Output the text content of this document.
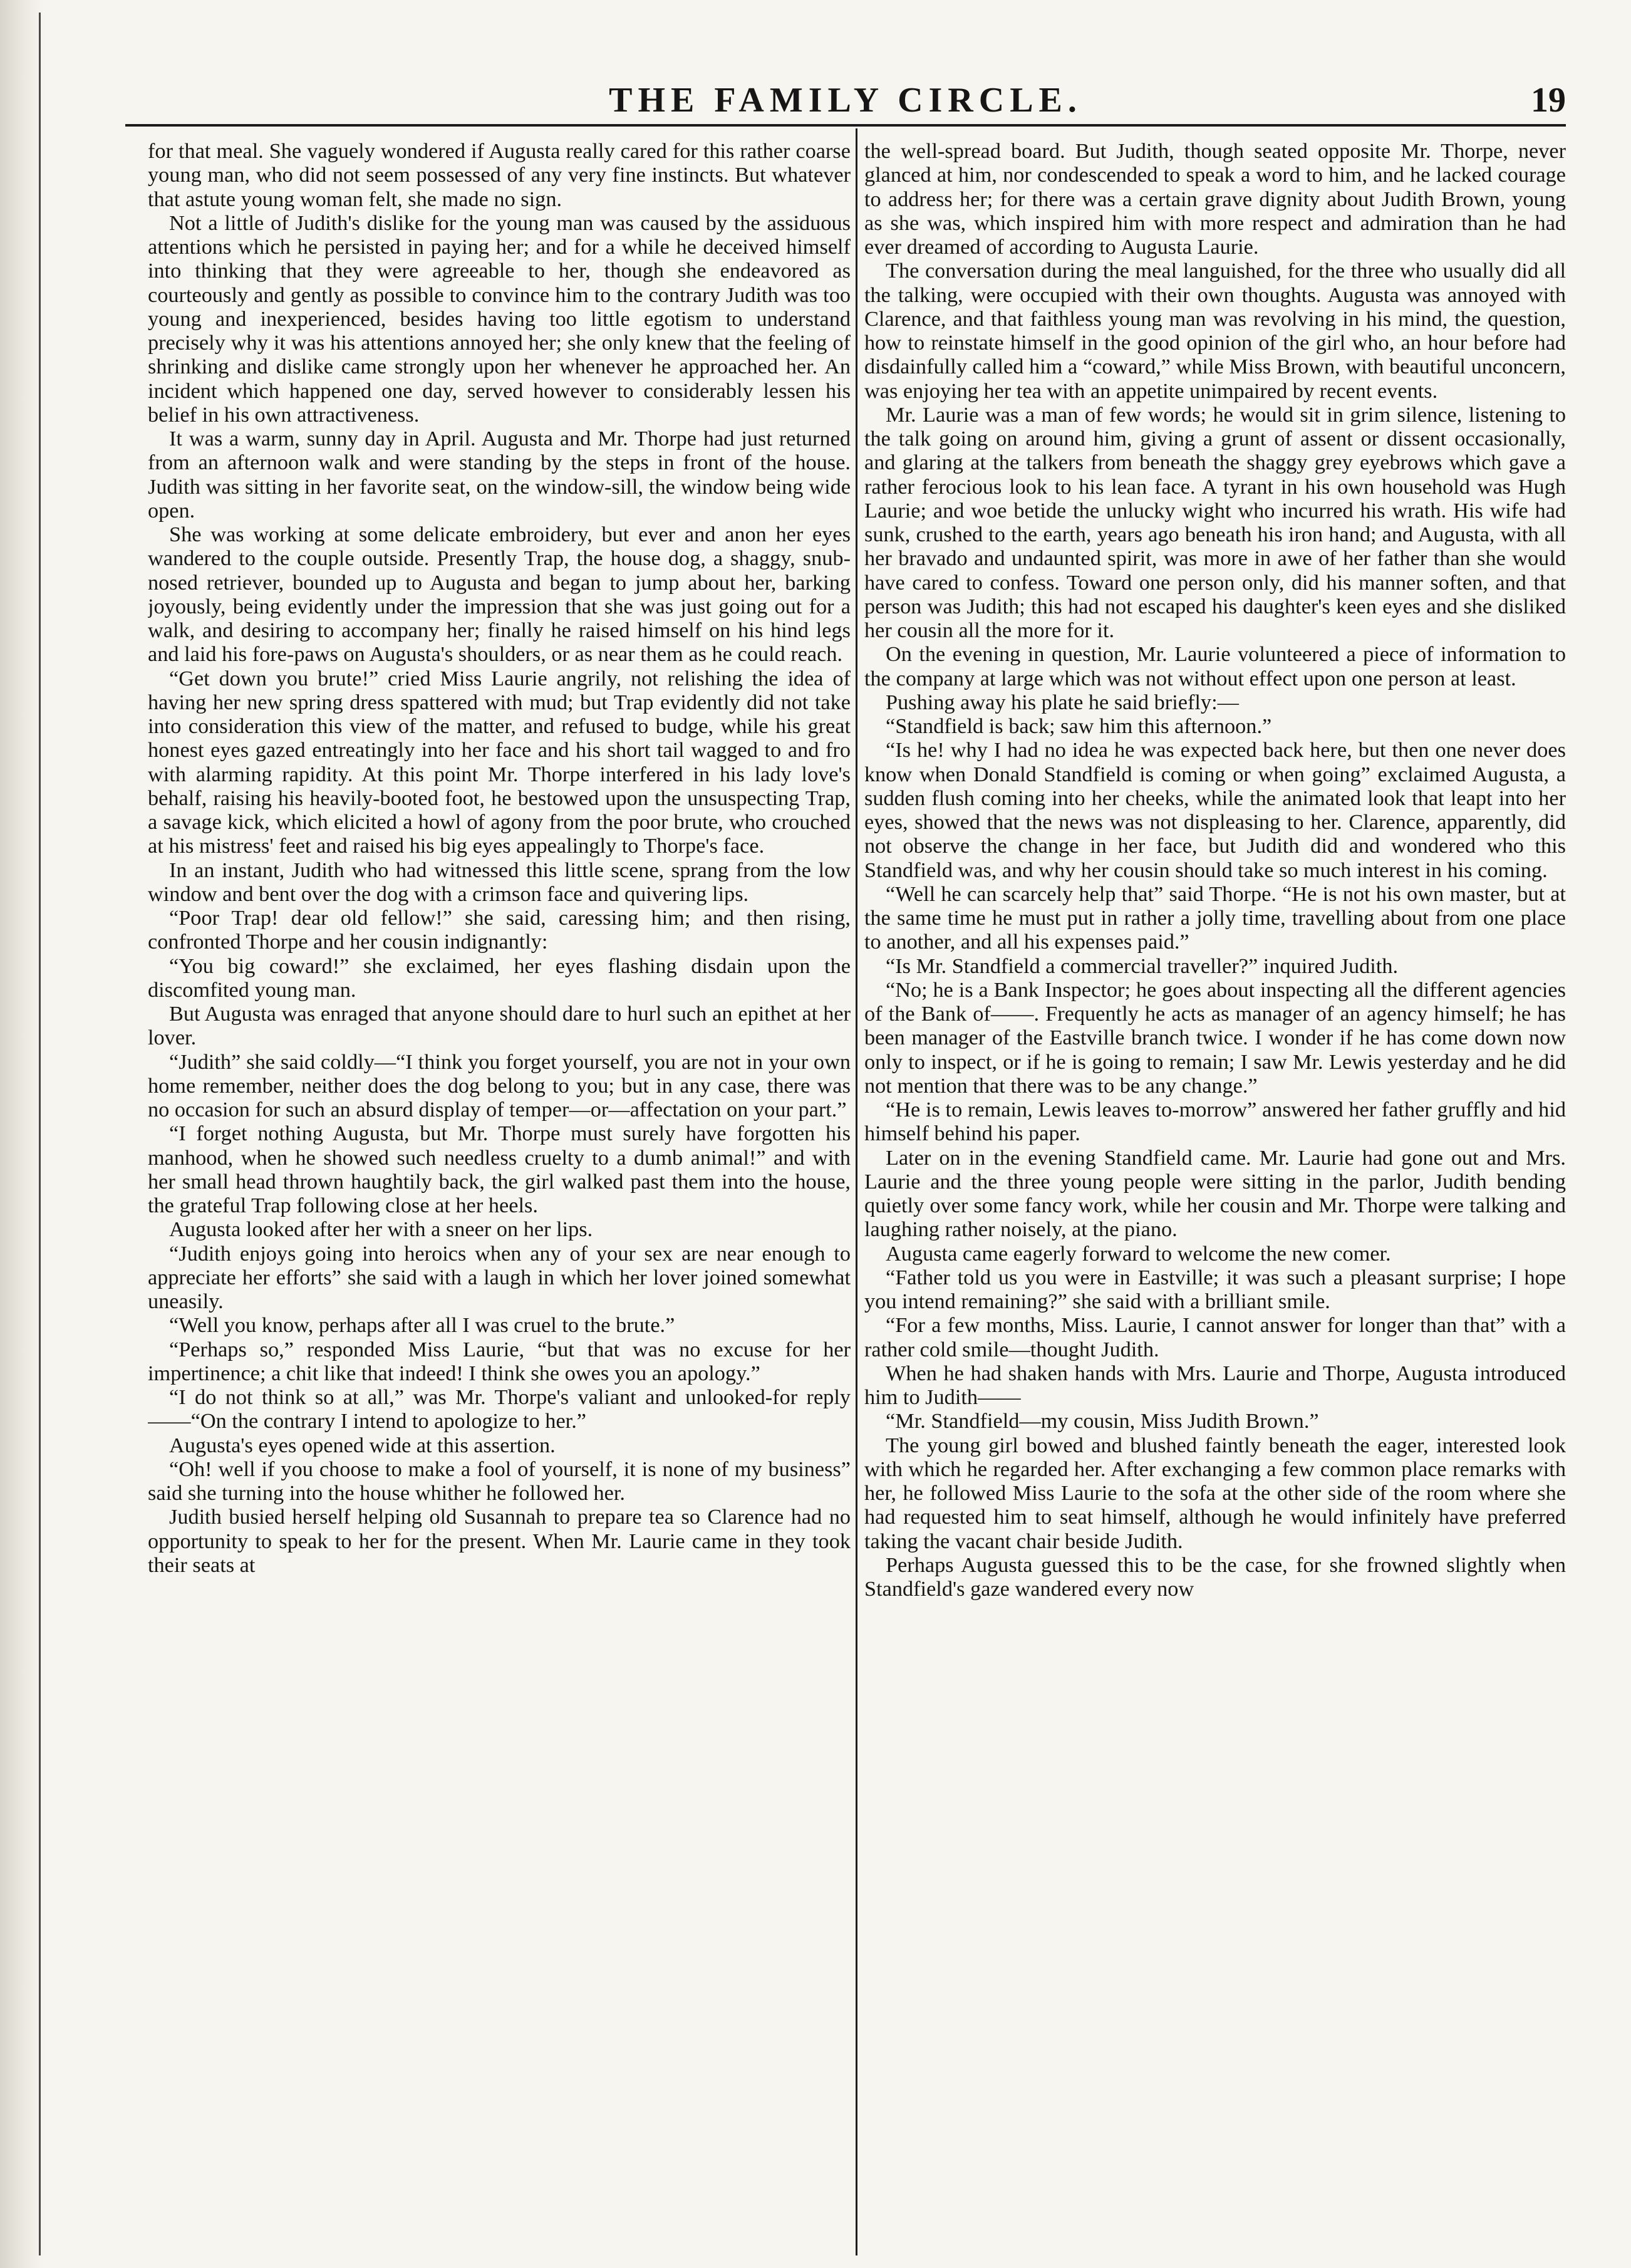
THE FAMILY CIRCLE.	19

for that meal. She vaguely wondered if Augusta really cared for this rather coarse young man, who did not seem possessed of any very fine instincts. But whatever that astute young woman felt, she made no sign.

Not a little of Judith's dislike for the young man was caused by the assiduous attentions which he persisted in paying her; and for a while he deceived himself into thinking that they were agreeable to her, though she endeavored as courteously and gently as possible to convince him to the contrary Judith was too young and inexperienced, besides having too little egotism to understand precisely why it was his attentions annoyed her; she only knew that the feeling of shrinking and dislike came strongly upon her whenever he approached her. An incident which happened one day, served however to considerably lessen his belief in his own attractiveness.

It was a warm, sunny day in April. Augusta and Mr. Thorpe had just returned from an afternoon walk and were standing by the steps in front of the house. Judith was sitting in her favorite seat, on the window-sill, the window being wide open.

She was working at some delicate embroidery, but ever and anon her eyes wandered to the couple outside. Presently Trap, the house dog, a shaggy, snub-nosed retriever, bounded up to Augusta and began to jump about her, barking joyously, being evidently under the impression that she was just going out for a walk, and desiring to accompany her; finally he raised himself on his hind legs and laid his fore-paws on Augusta's shoulders, or as near them as he could reach.

“Get down you brute!” cried Miss Laurie angrily, not relishing the idea of having her new spring dress spattered with mud; but Trap evidently did not take into consideration this view of the matter, and refused to budge, while his great honest eyes gazed entreatingly into her face and his short tail wagged to and fro with alarming rapidity. At this point Mr. Thorpe interfered in his lady love's behalf, raising his heavily-booted foot, he bestowed upon the unsuspecting Trap, a savage kick, which elicited a howl of agony from the poor brute, who crouched at his mistress' feet and raised his big eyes appealingly to Thorpe's face.

In an instant, Judith who had witnessed this little scene, sprang from the low window and bent over the dog with a crimson face and quivering lips.

“Poor Trap! dear old fellow!” she said, caressing him; and then rising, confronted Thorpe and her cousin indignantly:

“You big coward!” she exclaimed, her eyes flashing disdain upon the discomfited young man.

But Augusta was enraged that anyone should dare to hurl such an epithet at her lover.

“Judith” she said coldly—“I think you forget yourself, you are not in your own home remember, neither does the dog belong to you; but in any case, there was no occasion for such an absurd display of temper—or—affectation on your part.”

“I forget nothing Augusta, but Mr. Thorpe must surely have forgotten his manhood, when he showed such needless cruelty to a dumb animal!” and with her small head thrown haughtily back, the girl walked past them into the house, the grateful Trap following close at her heels.

Augusta looked after her with a sneer on her lips.

“Judith enjoys going into heroics when any of your sex are near enough to appreciate her efforts” she said with a laugh in which her lover joined somewhat uneasily.

“Well you know, perhaps after all I was cruel to the brute.”

“Perhaps so,” responded Miss Laurie, “but that was no excuse for her impertinence; a chit like that indeed! I think she owes you an apology.”

“I do not think so at all,” was Mr. Thorpe's valiant and unlooked-for reply——“On the contrary I intend to apologize to her.”

Augusta's eyes opened wide at this assertion.

“Oh! well if you choose to make a fool of yourself, it is none of my business” said she turning into the house whither he followed her.

Judith busied herself helping old Susannah to prepare tea so Clarence had no opportunity to speak to her for the present. When Mr. Laurie came in they took their seats at

the well-spread board. But Judith, though seated opposite Mr. Thorpe, never glanced at him, nor condescended to speak a word to him, and he lacked courage to address her; for there was a certain grave dignity about Judith Brown, young as she was, which inspired him with more respect and admiration than he had ever dreamed of according to Augusta Laurie.

The conversation during the meal languished, for the three who usually did all the talking, were occupied with their own thoughts. Augusta was annoyed with Clarence, and that faithless young man was revolving in his mind, the question, how to reinstate himself in the good opinion of the girl who, an hour before had disdainfully called him a “coward,” while Miss Brown, with beautiful unconcern, was enjoying her tea with an appetite unimpaired by recent events.

Mr. Laurie was a man of few words; he would sit in grim silence, listening to the talk going on around him, giving a grunt of assent or dissent occasionally, and glaring at the talkers from beneath the shaggy grey eyebrows which gave a rather ferocious look to his lean face. A tyrant in his own household was Hugh Laurie; and woe betide the unlucky wight who incurred his wrath. His wife had sunk, crushed to the earth, years ago beneath his iron hand; and Augusta, with all her bravado and undaunted spirit, was more in awe of her father than she would have cared to confess. Toward one person only, did his manner soften, and that person was Judith; this had not escaped his daughter's keen eyes and she disliked her cousin all the more for it.

On the evening in question, Mr. Laurie volunteered a piece of information to the company at large which was not without effect upon one person at least.

Pushing away his plate he said briefly:—

“Standfield is back; saw him this afternoon.”

“Is he! why I had no idea he was expected back here, but then one never does know when Donald Standfield is coming or when going” exclaimed Augusta, a sudden flush coming into her cheeks, while the animated look that leapt into her eyes, showed that the news was not displeasing to her. Clarence, apparently, did not observe the change in her face, but Judith did and wondered who this Standfield was, and why her cousin should take so much interest in his coming.

“Well he can scarcely help that” said Thorpe. “He is not his own master, but at the same time he must put in rather a jolly time, travelling about from one place to another, and all his expenses paid.”

“Is Mr. Standfield a commercial traveller?” inquired Judith.

“No; he is a Bank Inspector; he goes about inspecting all the different agencies of the Bank of——. Frequently he acts as manager of an agency himself; he has been manager of the Eastville branch twice. I wonder if he has come down now only to inspect, or if he is going to remain; I saw Mr. Lewis yesterday and he did not mention that there was to be any change.”

“He is to remain, Lewis leaves to-morrow” answered her father gruffly and hid himself behind his paper.

Later on in the evening Standfield came. Mr. Laurie had gone out and Mrs. Laurie and the three young people were sitting in the parlor, Judith bending quietly over some fancy work, while her cousin and Mr. Thorpe were talking and laughing rather noisely, at the piano.

Augusta came eagerly forward to welcome the new comer.

“Father told us you were in Eastville; it was such a pleasant surprise; I hope you intend remaining?” she said with a brilliant smile.

“For a few months, Miss. Laurie, I cannot answer for longer than that” with a rather cold smile—thought Judith.

When he had shaken hands with Mrs. Laurie and Thorpe, Augusta introduced him to Judith——

“Mr. Standfield—my cousin, Miss Judith Brown.”

The young girl bowed and blushed faintly beneath the eager, interested look with which he regarded her. After exchanging a few common place remarks with her, he followed Miss Laurie to the sofa at the other side of the room where she had requested him to seat himself, although he would infinitely have preferred taking the vacant chair beside Judith.

Perhaps Augusta guessed this to be the case, for she frowned slightly when Standfield's gaze wandered every now
